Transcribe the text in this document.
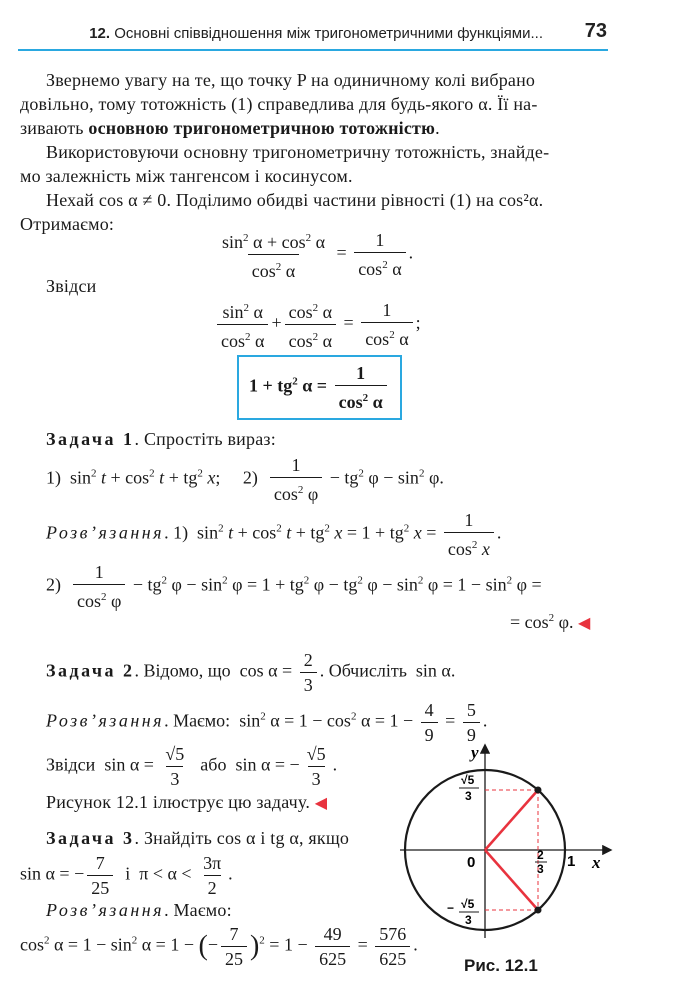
12. Основні співвідношення між тригонометричними функціями... 73
Звернемо увагу на те, що точку P на одиничному колі вибрано
довільно, тому тотожність (1) справедлива для будь-якого α. Її на-
зивають основною тригонометричною тотожністю.
Використовуючи основну тригонометричну тотожність, знайде-
мо залежність між тангенсом і косинусом.
Нехай cos α ≠ 0. Поділимо обидві частини рівності (1) на cos²α.
Отримаємо:
$\frac{\sin^2 \alpha + \cos^2 \alpha}{\cos^2 \alpha} = \frac{1}{\cos^2 \alpha}$ .
Звідси
$\frac{\sin^2 \alpha}{\cos^2 \alpha} + \frac{\cos^2 \alpha}{\cos^2 \alpha} = \frac{1}{\cos^2 \alpha}$ ;
$1 + tg^2$ $\alpha = \frac{1}{\cos^2 \alpha}$
Задача 1. Спростіть вираз:
1)  $\sin^2 t + \cos^2 t + tg^2$ x;     $2) \frac{1}{\cos^2 \varphi} - tg^2$ $\varphi - \sin^2 \varphi$.
Розв’язання. 1)  $\sin^2 t + \cos^2 t + tg^2$ $x = 1 + tg^2$ $x = \frac{1}{\cos^2 x}$ .
$2) \frac{1}{\cos^2 \varphi} - tg^2$ $\varphi - \sin^2 \varphi = 1 + tg^2$ $\varphi - tg^2$ $\varphi - \sin^2 \varphi = 1 - \sin^2 \varphi$ =
= $\cos^2 \varphi$. ◀
Задача 2. Відомо, що  $\cos \alpha = \frac{2}{3}$ . Обчисліть  sin α.
Розв’язання. Маємо:  $\sin^2 \alpha = 1 - \cos^2 \alpha = 1 - \frac{4}{9} = \frac{5}{9}$ .
Звідси  $\sin \alpha = \frac{√5}{3}$ або  sin α = − $\frac{√5}{3}$ .
Рисунок 12.1 ілюструє цю задачу. ◀
Задача 3. Знайдіть cos α і tg α, якщо
sin α = − $\frac{7}{25}$ і  $\pi < \alpha < \frac{3\pi}{2}$ .
Розв’язання. Маємо:
$\cos^2 \alpha = 1 - \sin^2 \alpha = 1$ − (− $\frac{7}{25} )^2 = 1 - \frac{49}{625} = \frac{576}{625}$ .
y
x
0	1
√5
3
− √5
3
2
3
Рис. 12.1
